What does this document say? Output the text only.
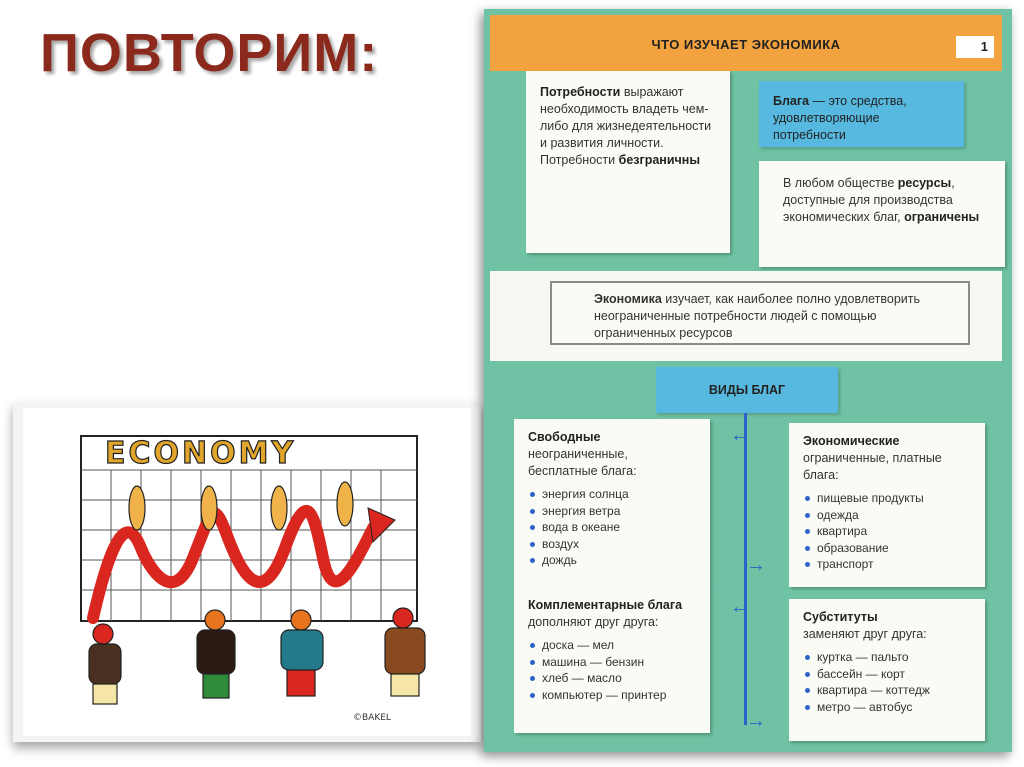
ПОВТОРИМ:
ECONOMY
©BAKEL
ЧТО ИЗУЧАЕТ ЭКОНОМИКА	1
Потребности выражают необходимость владеть чем-либо для жизнедеятельности и развития личности. Потребности безграничны
Блага — это средства, удовлетворяющие потребности
В любом обществе ресурсы, доступные для производства экономических благ, ограничены
Экономика изучает, как наиболее полно удовлетворить неограниченные потребности людей с помощью ограниченных ресурсов
ВИДЫ БЛАГ
←
→
←
→
Свободные
неограниченные, бесплатные блага:
энергия солнца
энергия ветра
вода в океане
воздух
дождь
Экономические
ограниченные, платные блага:
пищевые продукты
одежда
квартира
образование
транспорт
Комплементарные блага дополняют друг друга:
доска — мел
машина — бензин
хлеб — масло
компьютер — принтер
Субституты
заменяют друг друга:
куртка — пальто
бассейн — корт
квартира — коттедж
метро — автобус
